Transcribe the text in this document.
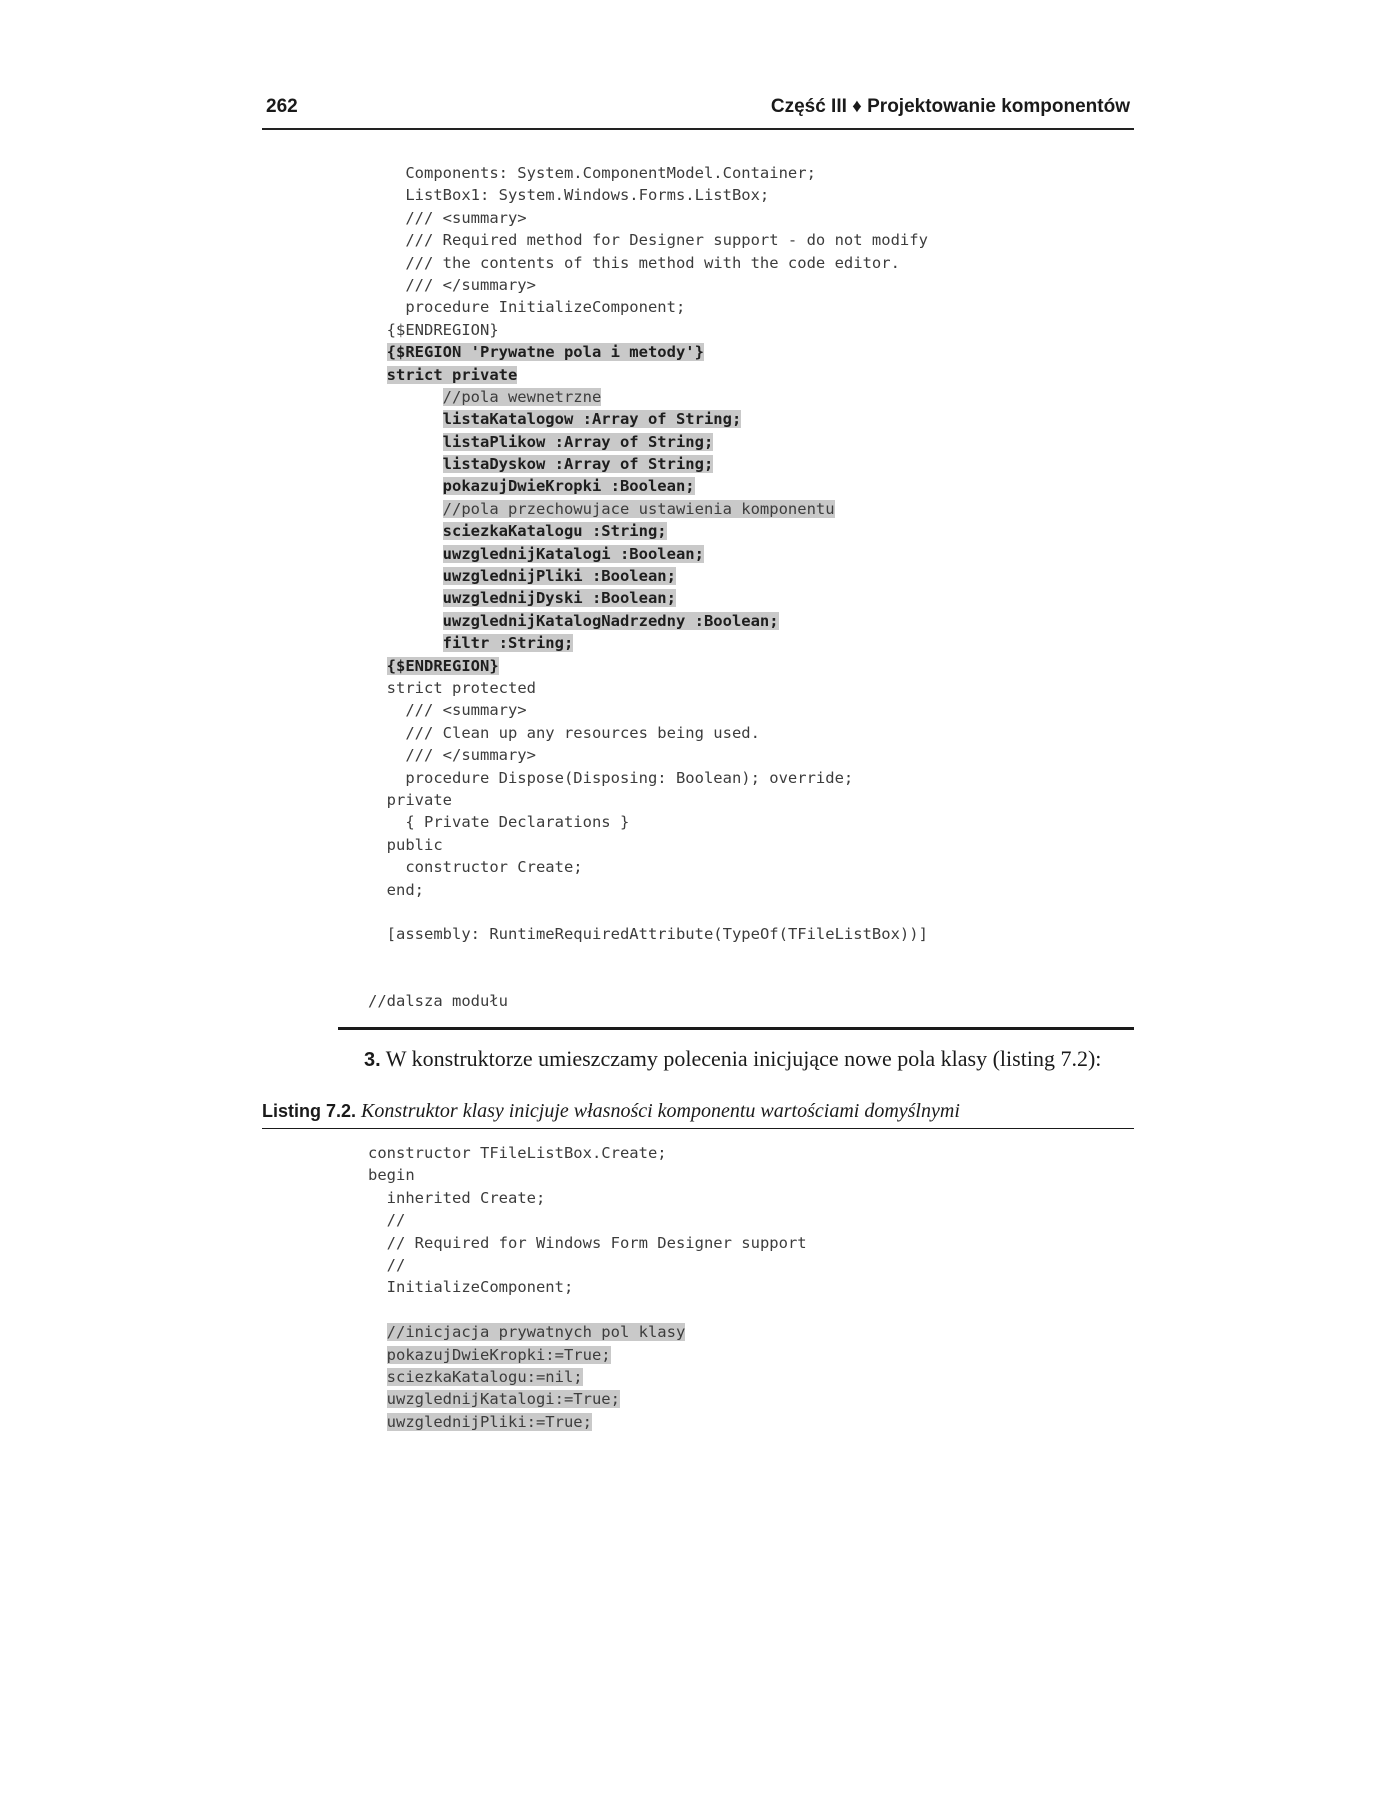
262	Część III ♦ Projektowanie komponentów
Components: System.ComponentModel.Container;
ListBox1: System.Windows.Forms.ListBox;
/// <summary>
/// Required method for Designer support - do not modify
/// the contents of this method with the code editor.
/// </summary>
procedure InitializeComponent;
{$ENDREGION}
{$REGION 'Prywatne pola i metody'}
strict private
//pola wewnetrzne
listaKatalogow :Array of String;
listaPlikow :Array of String;
listaDyskow :Array of String;
pokazujDwieKropki :Boolean;
//pola przechowujace ustawienia komponentu
sciezkaKatalogu :String;
uwzglednijKatalogi :Boolean;
uwzglednijPliki :Boolean;
uwzglednijDyski :Boolean;
uwzglednijKatalogNadrzedny :Boolean;
filtr :String;
{$ENDREGION}
strict protected
/// <summary>
/// Clean up any resources being used.
/// </summary>
procedure Dispose(Disposing: Boolean); override;
private
{ Private Declarations }
public
constructor Create;
end;
[assembly: RuntimeRequiredAttribute(TypeOf(TFileListBox))]
//dalsza modułu
3. W konstruktorze umieszczamy polecenia inicjujące nowe pola klasy (listing 7.2):
Listing 7.2. Konstruktor klasy inicjuje własności komponentu wartościami domyślnymi
constructor TFileListBox.Create;
begin
inherited Create;
//
// Required for Windows Form Designer support
//
InitializeComponent;
//inicjacja prywatnych pol klasy
pokazujDwieKropki:=True;
sciezkaKatalogu:=nil;
uwzglednijKatalogi:=True;
uwzglednijPliki:=True;
